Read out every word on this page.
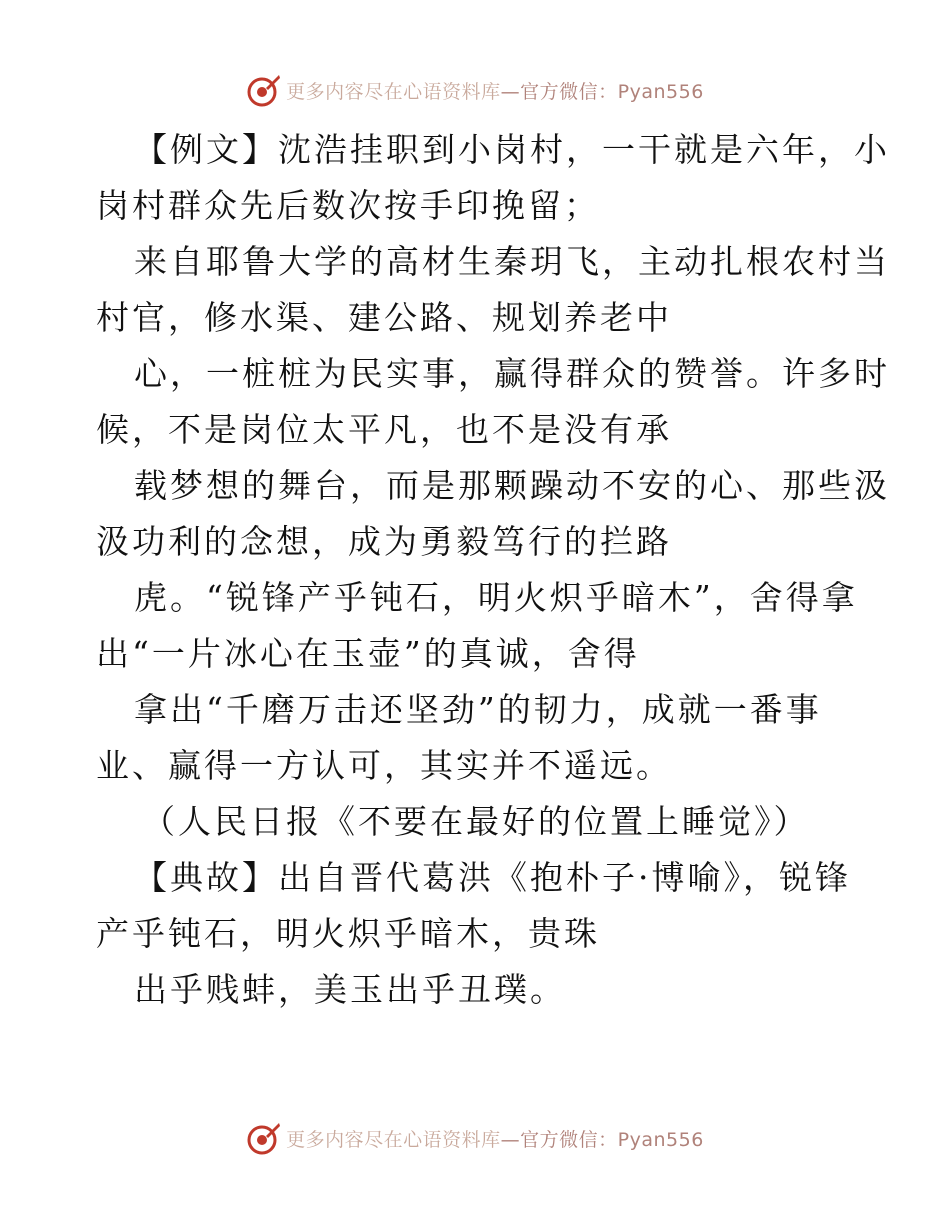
更多内容尽在心语资料库 —官方微信：Pyan556
【例文】沈浩挂职到小岗村，一干就是六年，小
岗村群众先后数次按手印挽留；
来自耶鲁大学的高材生秦玥飞，主动扎根农村当
村官，修水渠、建公路、规划养老中
心，一桩桩为民实事，赢得群众的赞誉。许多时
候，不是岗位太平凡，也不是没有承
载梦想的舞台，而是那颗躁动不安的心、那些汲
汲功利的念想，成为勇毅笃行的拦路
虎。“锐锋产乎钝石，明火炽乎暗木”，舍得拿
出“一片冰心在玉壶”的真诚，舍得
拿出“千磨万击还坚劲”的韧力，成就一番事
业、赢得一方认可，其实并不遥远。
（人民日报《不要在最好的位置上睡觉》）
【典故】出自晋代葛洪《抱朴子·博喻》，锐锋
产乎钝石，明火炽乎暗木，贵珠
出乎贱蚌，美玉出乎丑璞。
更多内容尽在心语资料库 —官方微信：Pyan556
